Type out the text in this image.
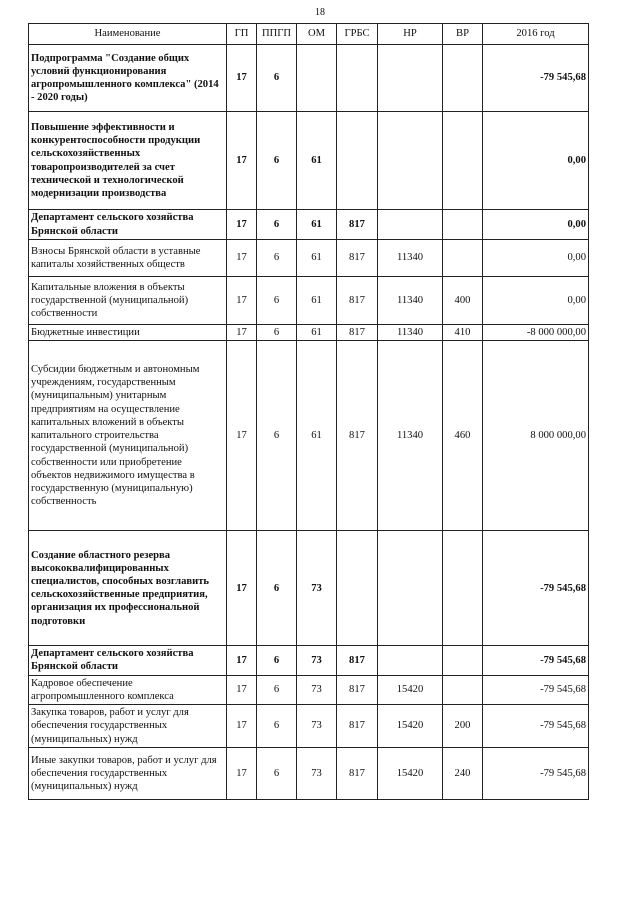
18
Наименование	ГП	ППГП	ОМ	ГРБС	НР	ВР	2016 год
Подпрограмма "Создание общих условий функционирования агропромышленного комплекса" (2014 - 2020 годы)	17	6					-79 545,68
Повышение эффективности и конкурентоспособности продукции сельскохозяйственных товаропроизводителей за счет технической и технологической модернизации производства	17	6	61				0,00
Департамент сельского хозяйства Брянской области	17	6	61	817			0,00
Взносы Брянской области в уставные капиталы хозяйственных обществ	17	6	61	817	11340		0,00
Капитальные вложения в объекты государственной (муниципальной) собственности	17	6	61	817	11340	400	0,00
Бюджетные инвестиции	17	6	61	817	11340	410	-8 000 000,00
Субсидии бюджетным и автономным учреждениям, государственным (муниципальным) унитарным предприятиям на осуществление капитальных вложений в объекты капитального строительства государственной (муниципальной) собственности или приобретение объектов недвижимого имущества в государственную (муниципальную) собственность	17	6	61	817	11340	460	8 000 000,00
Создание областного резерва высококвалифицированных специалистов, способных возглавить сельскохозяйственные предприятия, организация их профессиональной подготовки	17	6	73				-79 545,68
Департамент сельского хозяйства Брянской области	17	6	73	817			-79 545,68
Кадровое обеспечение агропромышленного комплекса	17	6	73	817	15420		-79 545,68
Закупка товаров, работ и услуг для обеспечения государственных (муниципальных) нужд	17	6	73	817	15420	200	-79 545,68
Иные закупки товаров, работ и услуг для обеспечения государственных (муниципальных) нужд	17	6	73	817	15420	240	-79 545,68
